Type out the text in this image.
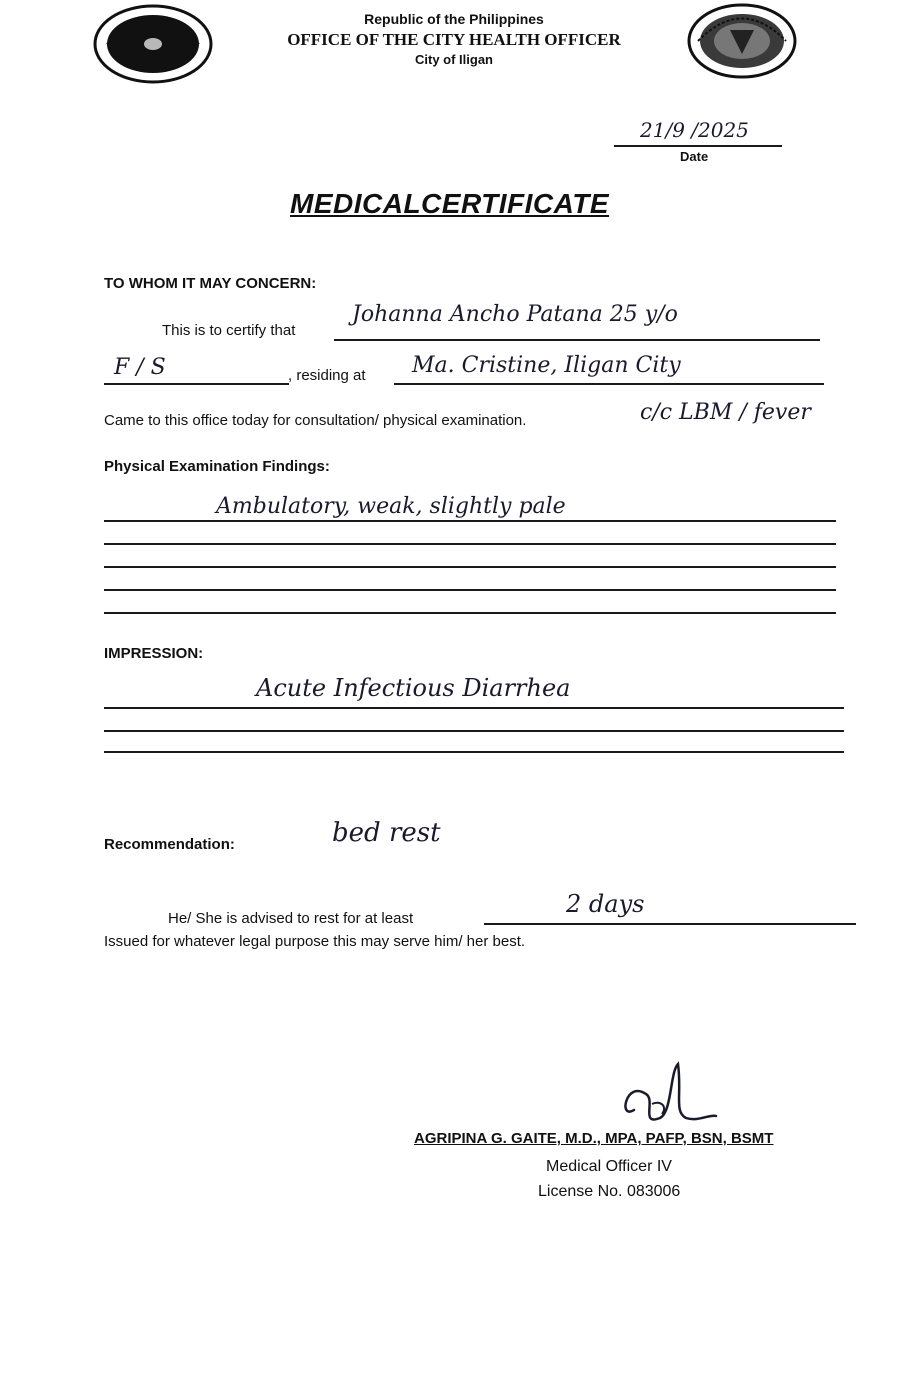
Republic of the Philippines
OFFICE OF THE CITY HEALTH OFFICER
City of Iligan
21/9 /2025
Date
MEDICALCERTIFICATE
TO WHOM IT MAY CONCERN:
This is to certify that
Johanna Ancho Patana 25 y/o
F / S	, residing at Ma. Cristine, Iligan City
Came to this office today for consultation/ physical examination.	c/c LBM / fever
Physical Examination Findings:
Ambulatory, weak, slightly pale
IMPRESSION:
Acute Infectious Diarrhea
Recommendation:	bed rest
He/ She is advised to rest for at least
2 days
Issued for whatever legal purpose this may serve him/ her best.
AGRIPINA G. GAITE, M.D., MPA, PAFP, BSN, BSMT
Medical Officer IV
License No. 083006
